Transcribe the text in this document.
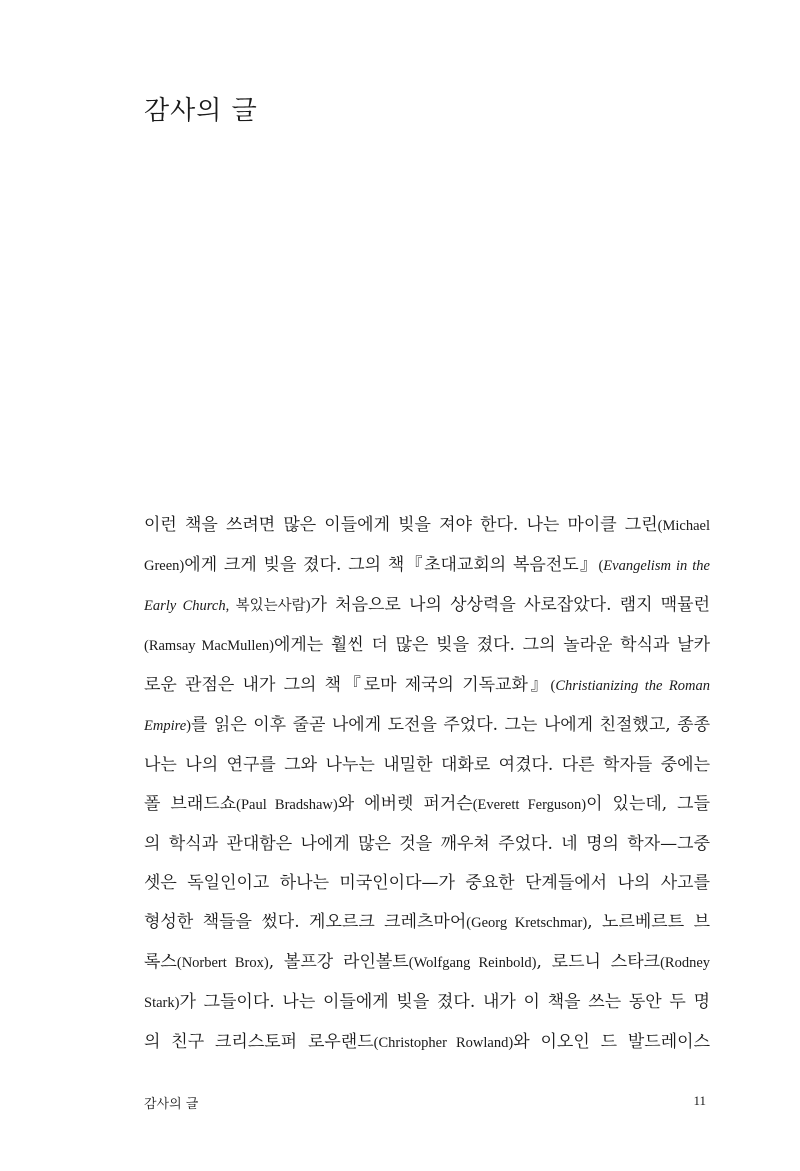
감사의 글
이런 책을 쓰려면 많은 이들에게 빚을 져야 한다. 나는 마이클 그린(Michael
Green)에게 크게 빚을 졌다. 그의 책『초대교회의 복음전도』(Evangelism in the
Early Church, 복있는사람)가 처음으로 나의 상상력을 사로잡았다. 램지 맥뮬런
(Ramsay MacMullen)에게는 훨씬 더 많은 빚을 졌다. 그의 놀라운 학식과 날카
로운 관점은 내가 그의 책『로마 제국의 기독교화』(Christianizing the Roman
Empire)를 읽은 이후 줄곧 나에게 도전을 주었다. 그는 나에게 친절했고, 종종
나는 나의 연구를 그와 나누는 내밀한 대화로 여겼다. 다른 학자들 중에는
폴 브래드쇼(Paul Bradshaw)와 에버렛 퍼거슨(Everett Ferguson)이 있는데, 그들
의 학식과 관대함은 나에게 많은 것을 깨우쳐 주었다. 네 명의 학자—그중
셋은 독일인이고 하나는 미국인이다—가 중요한 단계들에서 나의 사고를
형성한 책들을 썼다. 게오르크 크레츠마어(Georg Kretschmar), 노르베르트 브
록스(Norbert Brox), 볼프강 라인볼트(Wolfgang Reinbold), 로드니 스타크(Rodney
Stark)가 그들이다. 나는 이들에게 빚을 졌다. 내가 이 책을 쓰는 동안 두 명
의 친구 크리스토퍼 로우랜드(Christopher Rowland)와 이오인 드 발드레이스
감사의 글	11
